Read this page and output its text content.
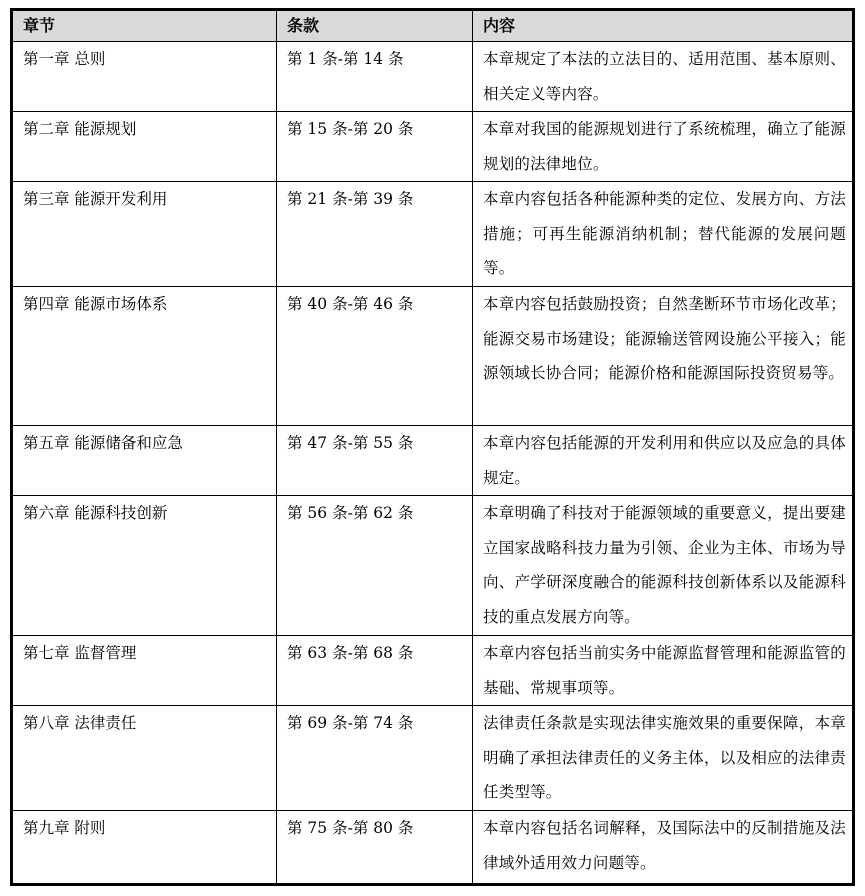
章节	条款	内容
第一章 总则	第 1 条-第 14 条	本章规定了本法的立法目的、适用范围、基本原则、相关定义等内容。
第二章 能源规划	第 15 条-第 20 条	本章对我国的能源规划进行了系统梳理，确立了能源规划的法律地位。
第三章 能源开发利用	第 21 条-第 39 条	本章内容包括各种能源种类的定位、发展方向、方法措施；可再生能源消纳机制；替代能源的发展问题等。
第四章 能源市场体系	第 40 条-第 46 条	本章内容包括鼓励投资；自然垄断环节市场化改革；能源交易市场建设；能源输送管网设施公平接入；能源领域长协合同；能源价格和能源国际投资贸易等。
第五章 能源储备和应急	第 47 条-第 55 条	本章内容包括能源的开发利用和供应以及应急的具体规定。
第六章 能源科技创新	第 56 条-第 62 条	本章明确了科技对于能源领域的重要意义，提出要建立国家战略科技力量为引领、企业为主体、市场为导向、产学研深度融合的能源科技创新体系以及能源科技的重点发展方向等。
第七章 监督管理	第 63 条-第 68 条	本章内容包括当前实务中能源监督管理和能源监管的基础、常规事项等。
第八章 法律责任	第 69 条-第 74 条	法律责任条款是实现法律实施效果的重要保障，本章明确了承担法律责任的义务主体，以及相应的法律责任类型等。
第九章 附则	第 75 条-第 80 条	本章内容包括名词解释，及国际法中的反制措施及法律域外适用效力问题等。
